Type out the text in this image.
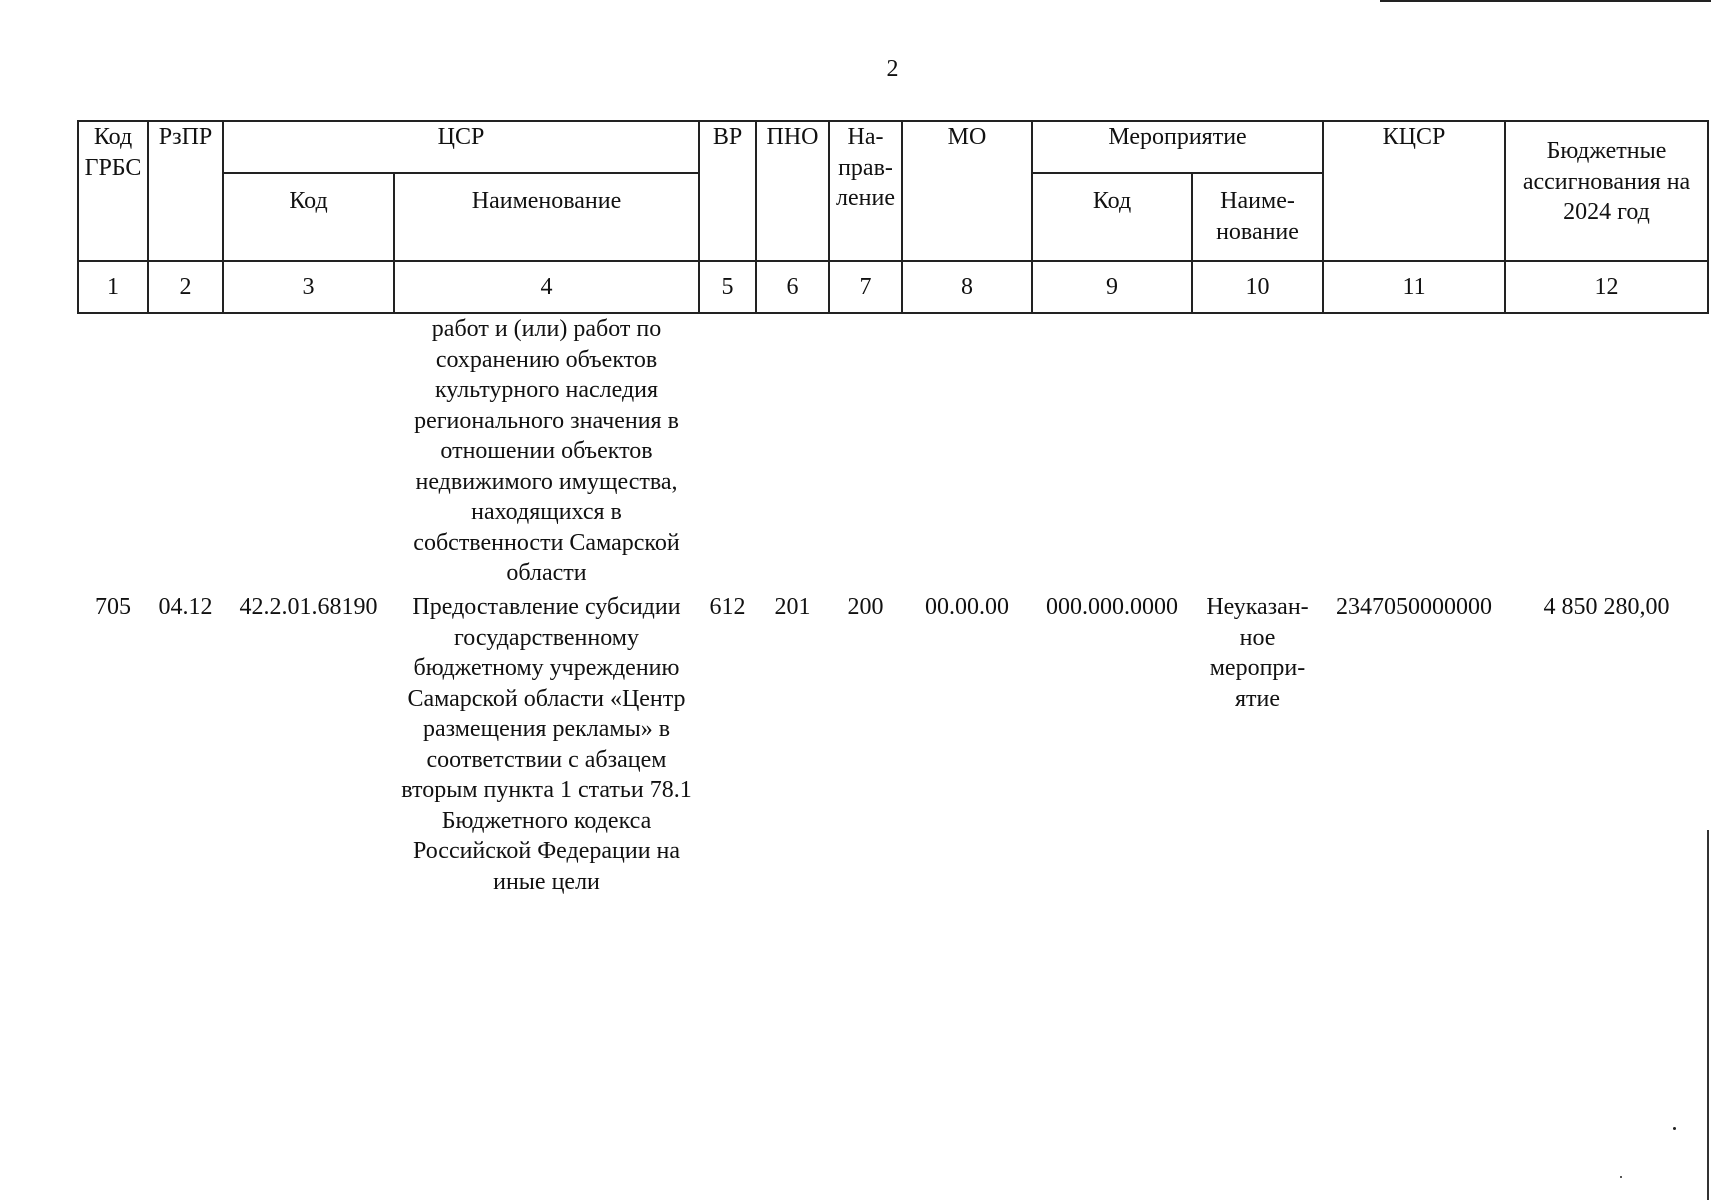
2
Код ГРБС	РзПР	ЦСР		ВР	ПНО	На-прав-ление	МО	Мероприятие		КЦСР	Бюджетные ассигнования на 2024 год
		Код	Наименование					Код	Наиме-нование		
1	2	3	4	5	6	7	8	9	10	11	12
			работ и (или) работ по сохранению объектов культурного наследия регионального значения в отношении объектов недвижимого имущества, находящихся в собственности Самарской области								
705	04.12	42.2.01.68190	Предоставление субсидии государственному бюджетному учреждению Самарской области «Центр размещения рекламы» в соответствии с абзацем вторым пункта 1 статьи 78.1 Бюджетного кодекса Российской Федерации на иные цели	612	201	200	00.00.00	000.000.0000	Неуказан-ное меропри-ятие	2347050000000	4 850 280,00
